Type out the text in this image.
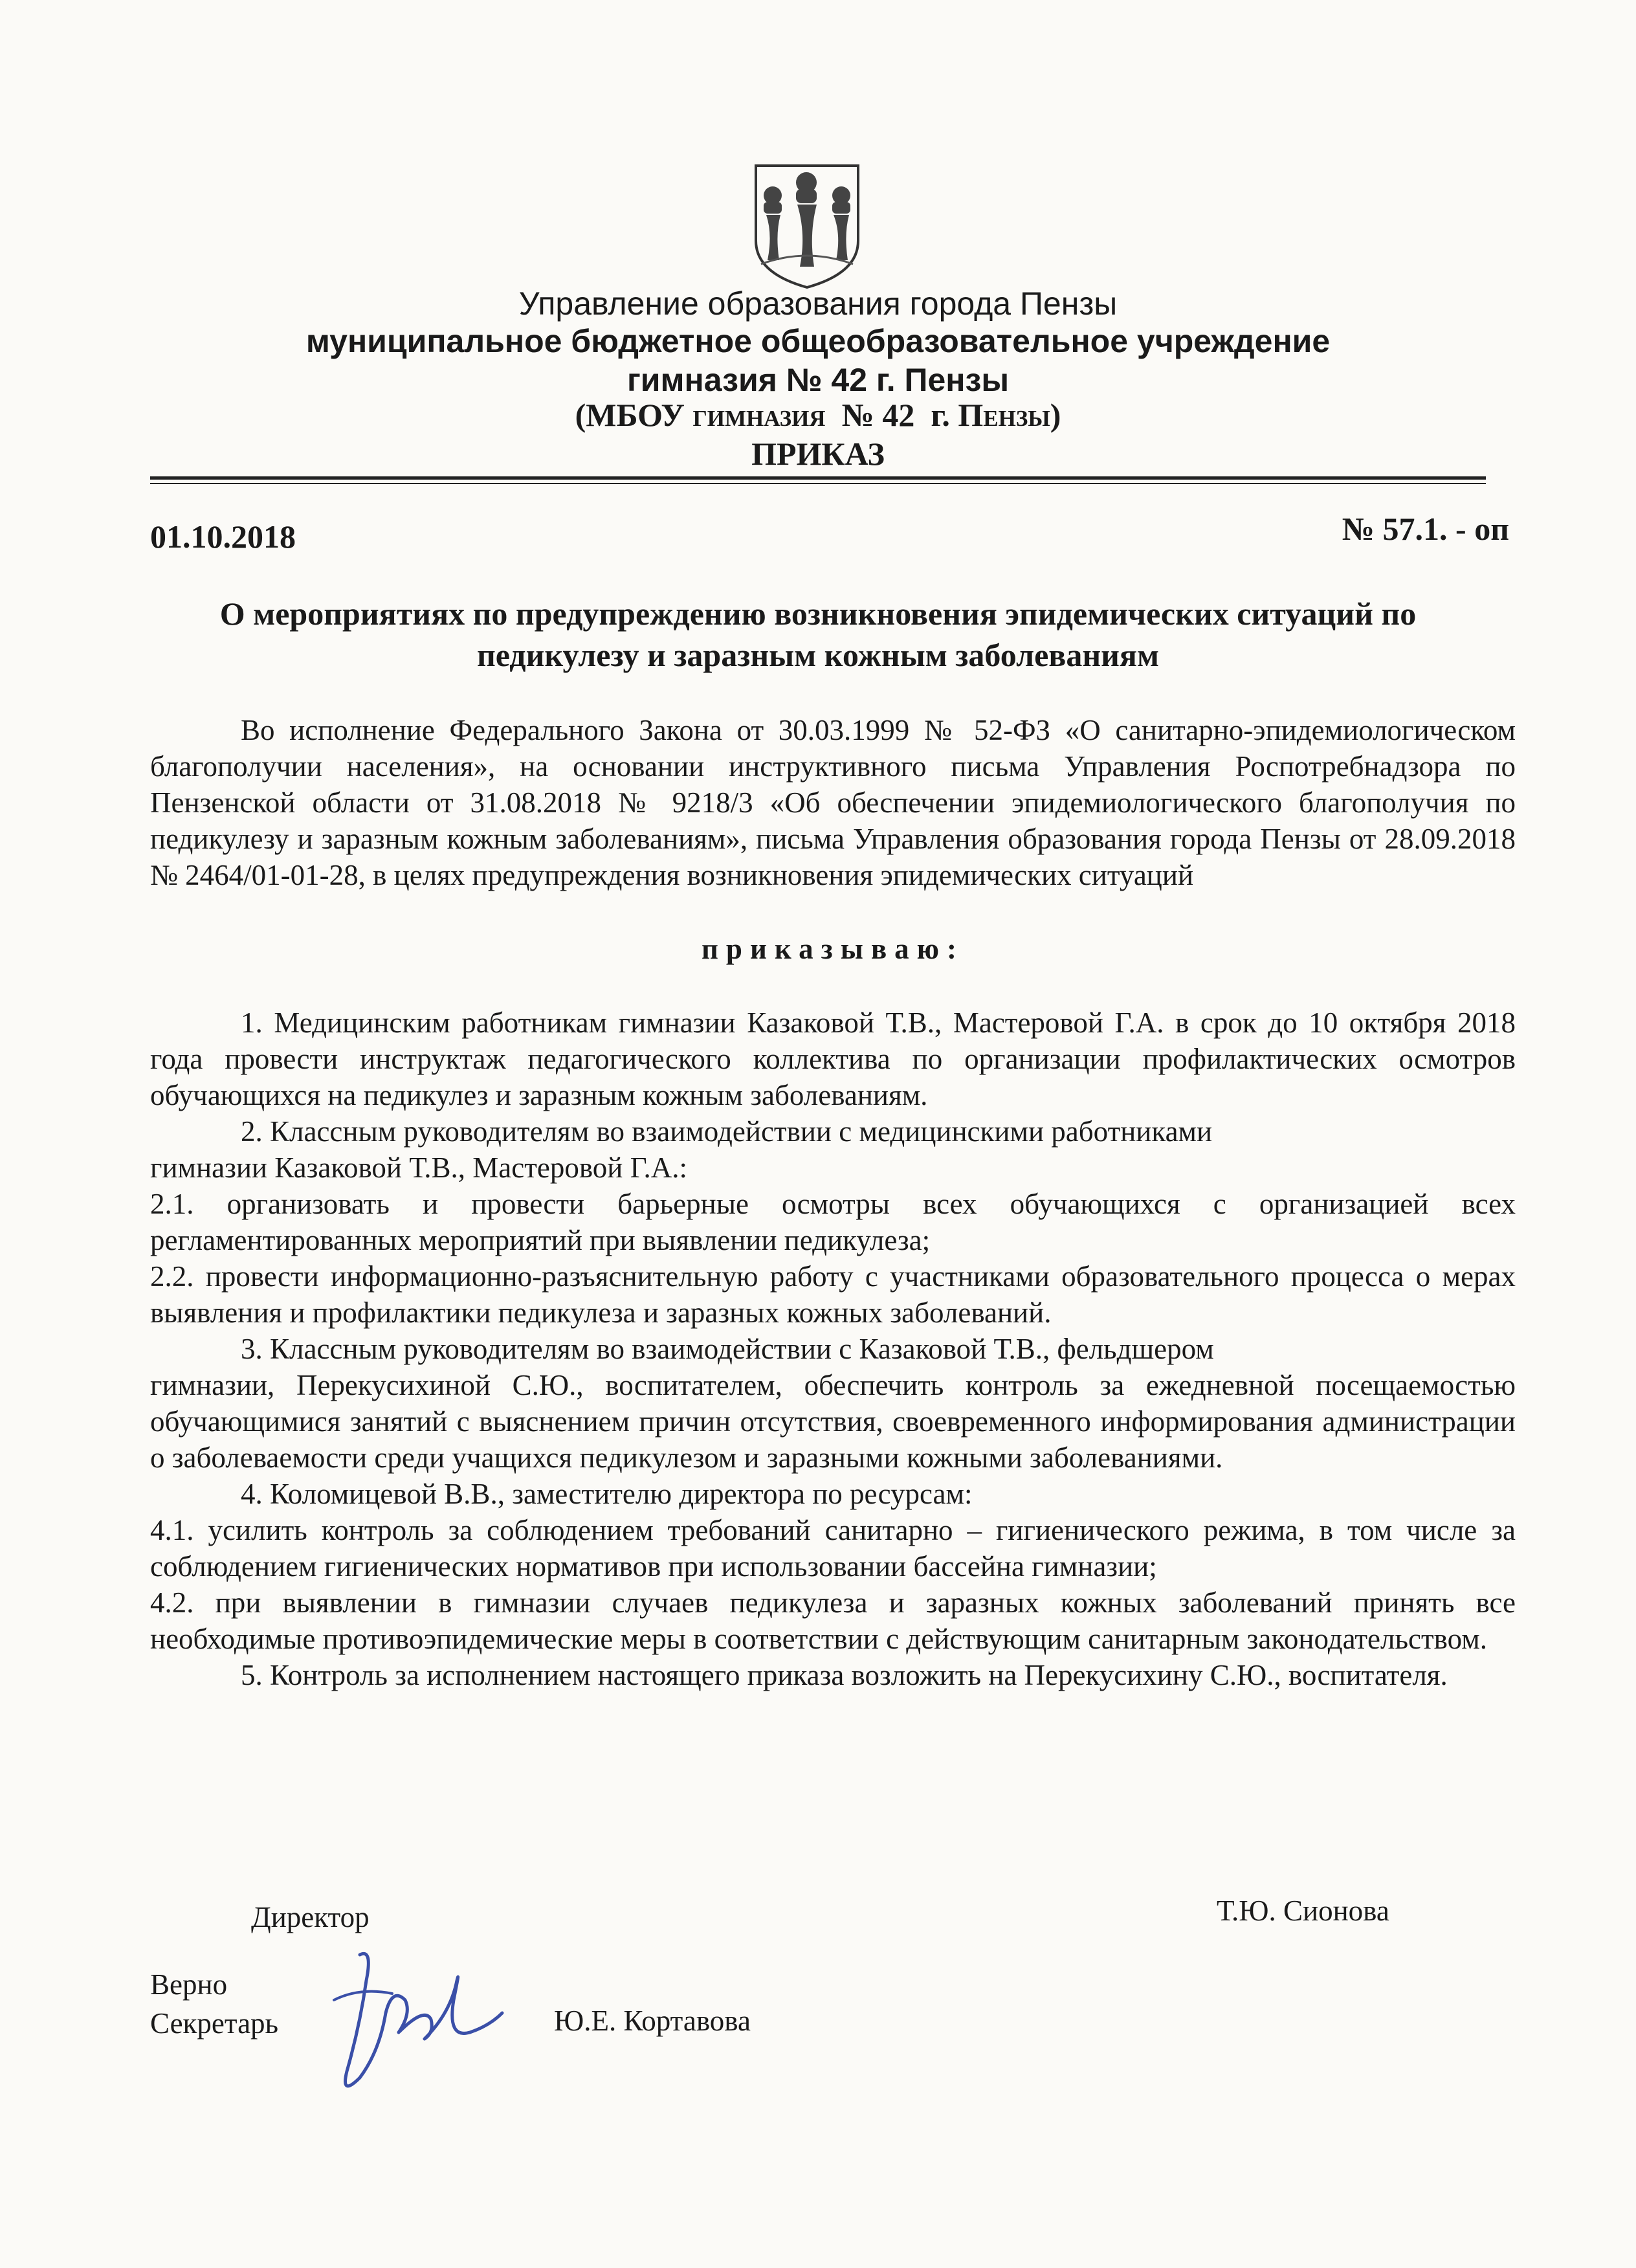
Управление образования города Пензы
муниципальное бюджетное общеобразовательное учреждение
гимназия № 42 г. Пензы
(МБОУ гимназия  № 42  г. Пензы)
ПРИКАЗ
01.10.2018	№ 57.1. - оп
О мероприятиях по предупреждению возникновения эпидемических ситуаций по педикулезу и заразным кожным заболеваниям

Во исполнение Федерального Закона от 30.03.1999 № 52-ФЗ «О санитарно-эпидемиологическом благополучии населения», на основании инструктивного письма Управления Роспотребнадзора по Пензенской области от 31.08.2018 № 9218/3 «Об обеспечении эпидемиологического благополучия по педикулезу и заразным кожным заболеваниям», письма Управления образования города Пензы от 28.09.2018 № 2464/01-01-28, в целях предупреждения возникновения эпидемических ситуаций

приказываю:

1. Медицинским работникам гимназии Казаковой Т.В., Мастеровой Г.А. в срок до 10 октября 2018 года провести инструктаж педагогического коллектива по организации профилактических осмотров обучающихся на педикулез и заразным кожным заболеваниям.

2. Классным руководителям во взаимодействии с медицинскими работниками

гимназии Казаковой Т.В., Мастеровой Г.А.:

2.1. организовать и провести барьерные осмотры всех обучающихся с организацией всех регламентированных мероприятий при выявлении педикулеза;

2.2. провести информационно-разъяснительную работу с участниками образовательного процесса о мерах выявления и профилактики педикулеза и заразных кожных заболеваний.

3. Классным руководителям во взаимодействии с Казаковой Т.В., фельдшером

гимназии, Перекусихиной С.Ю., воспитателем, обеспечить контроль за ежедневной посещаемостью обучающимися занятий с выяснением причин отсутствия, своевременного информирования администрации о заболеваемости среди учащихся педикулезом и заразными кожными заболеваниями.

4. Коломицевой В.В., заместителю директора по ресурсам:

4.1. усилить контроль за соблюдением требований санитарно – гигиенического режима, в том числе за соблюдением гигиенических нормативов при использовании бассейна гимназии;

4.2. при выявлении в гимназии случаев педикулеза и заразных кожных заболеваний принять все необходимые противоэпидемические меры в соответствии с действующим санитарным законодательством.

5. Контроль за исполнением настоящего приказа возложить на Перекусихину С.Ю., воспитателя.

Директор	Т.Ю. Сионова
Верно
Секретарь	Ю.Е. Кортавова
